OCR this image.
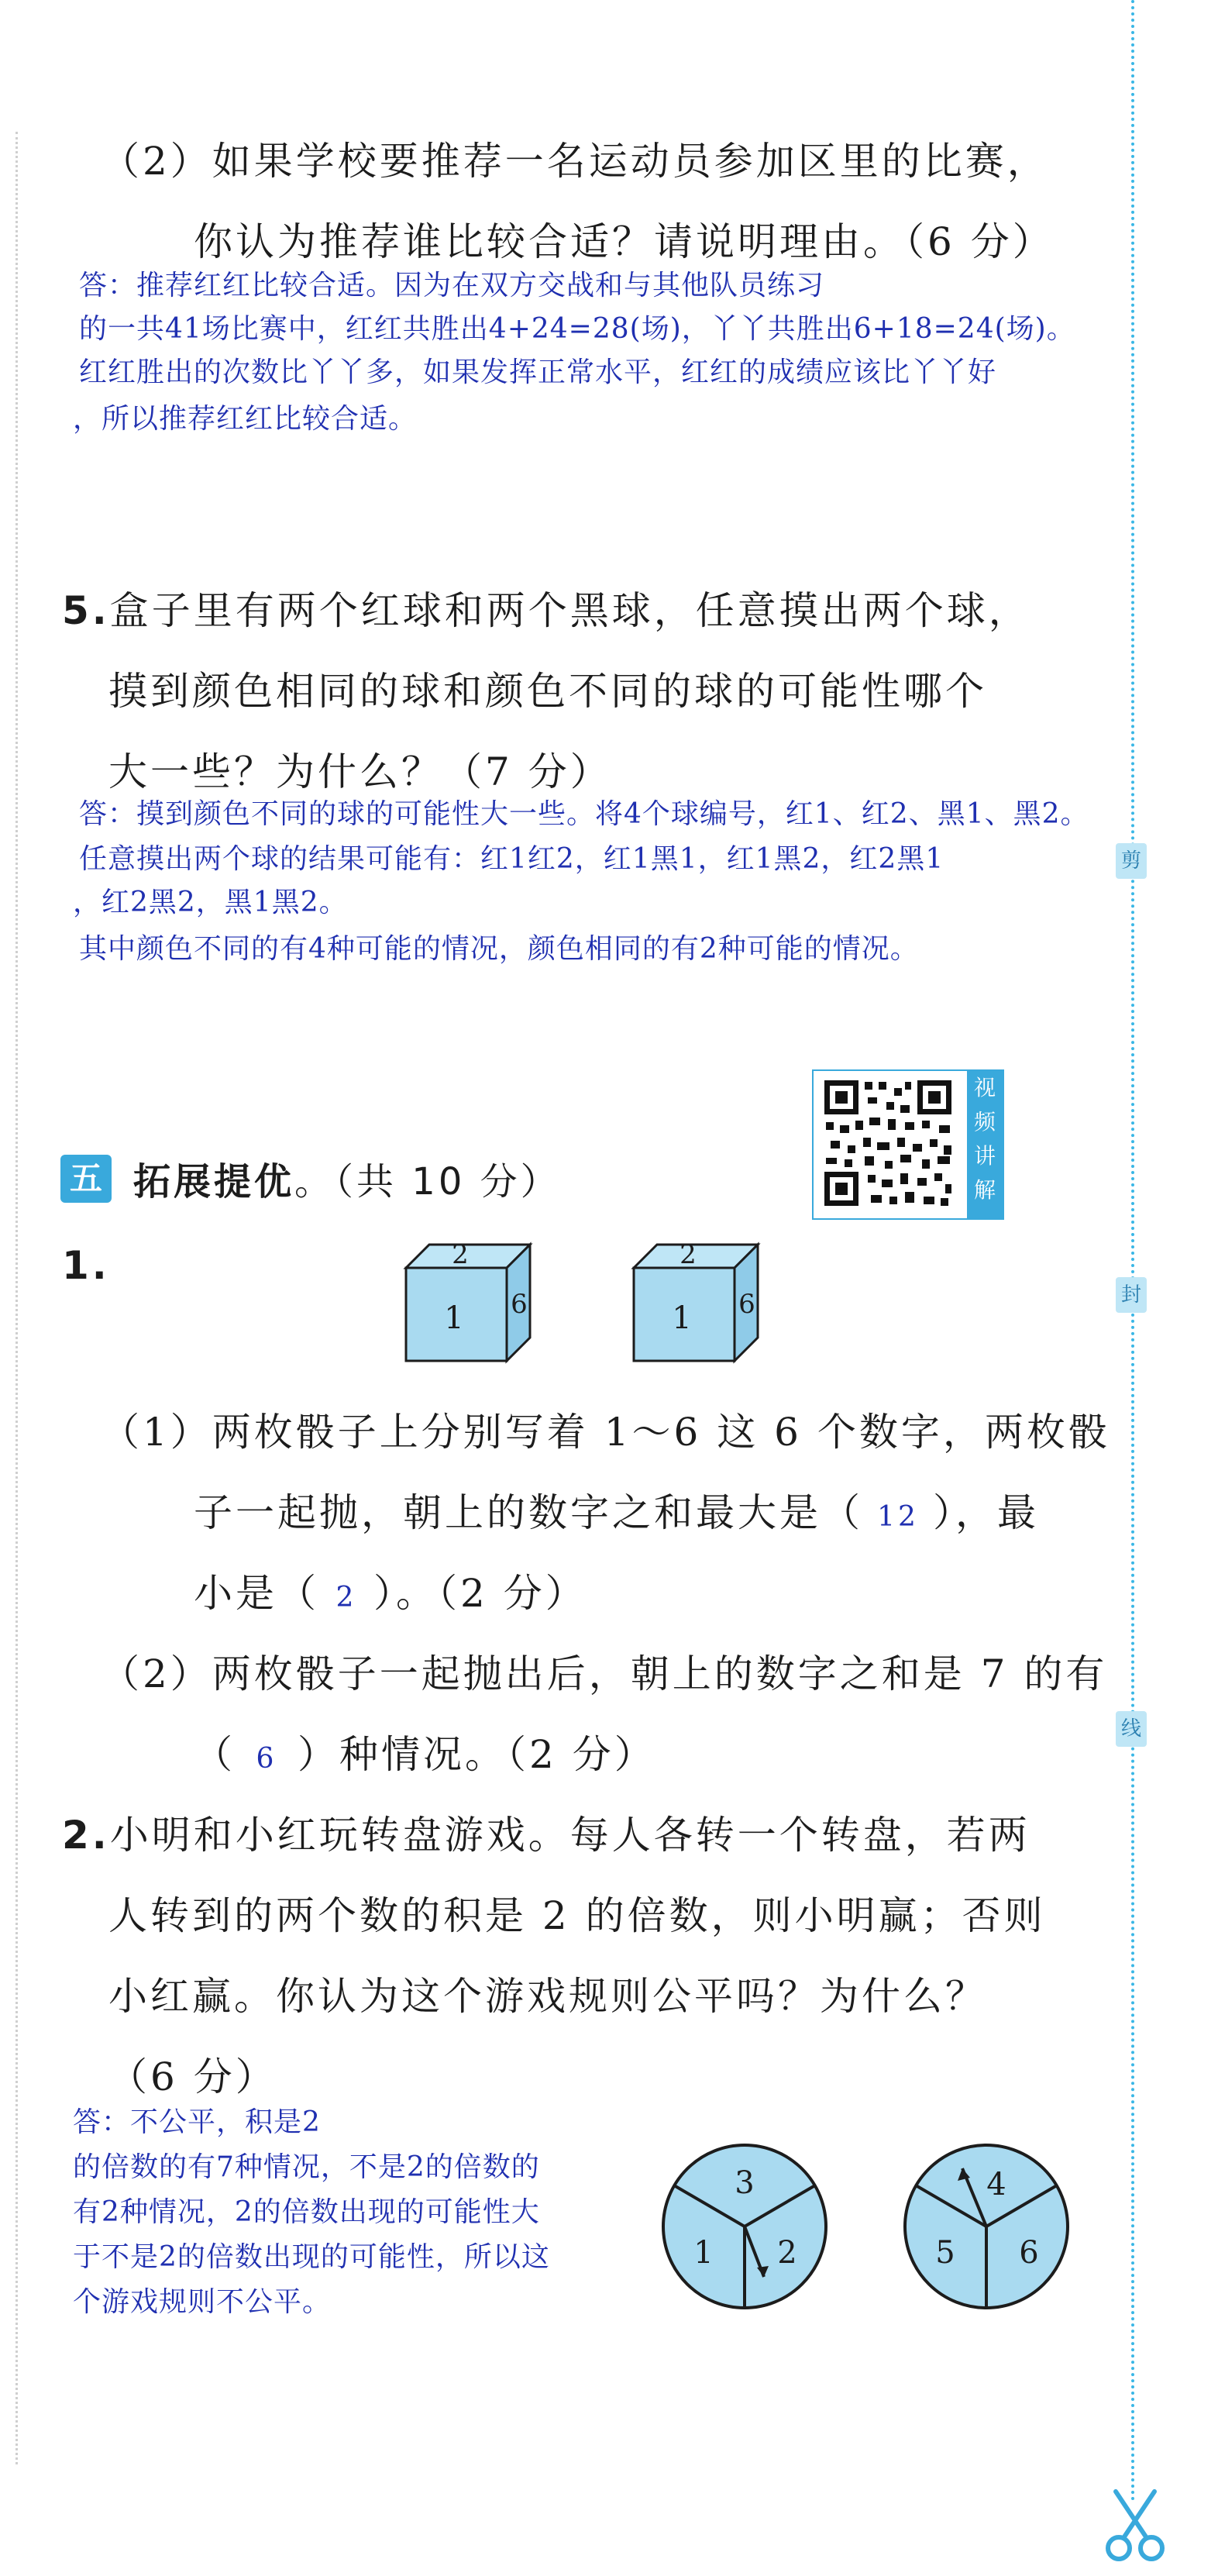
剪
封
线
（2）如果学校要推荐一名运动员参加区里的比赛，
你认为推荐谁比较合适？请说明理由。（6 分）
答：推荐红红比较合适。因为在双方交战和与其他队员练习
的一共41场比赛中，红红共胜出4+24=28(场)，丫丫共胜出6+18=24(场)。
红红胜出的次数比丫丫多，如果发挥正常水平，红红的成绩应该比丫丫好
，所以推荐红红比较合适。
5.盒子里有两个红球和两个黑球，任意摸出两个球，
摸到颜色相同的球和颜色不同的球的可能性哪个
大一些？为什么？（7 分）
答：摸到颜色不同的球的可能性大一些。将4个球编号，红1、红2、黑1、黑2。
任意摸出两个球的结果可能有：红1红2，红1黑1，红1黑2，红2黑1
，红2黑2，黑1黑2。
其中颜色不同的有4种可能的情况，颜色相同的有2种可能的情况。
视
频
讲
解
五 拓展提优。（共 10 分）
2
1 6
2
1 6
1.
（1）两枚骰子上分别写着 1～6 这 6 个数字，两枚骰
子一起抛，朝上的数字之和最大是（ 12 ），最
小是（ 2 ）。（2 分）
（2）两枚骰子一起抛出后，朝上的数字之和是 7 的有
（ 6 ）种情况。（2 分）
2.小明和小红玩转盘游戏。每人各转一个转盘，若两
人转到的两个数的积是 2 的倍数，则小明赢；否则
小红赢。你认为这个游戏规则公平吗？为什么？
（6 分）
答：不公平，积是2
的倍数的有7种情况，不是2的倍数的
有2种情况，2的倍数出现的可能性大
于不是2的倍数出现的可能性，所以这
个游戏规则不公平。
3
1 2
4
5 6
